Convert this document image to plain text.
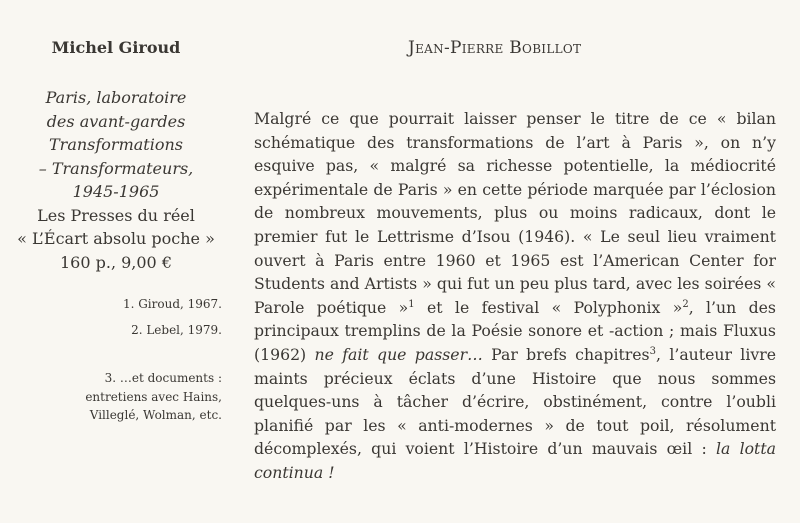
Michel Giroud
Paris, laboratoire
des avant-gardes
Transformations
– Transformateurs,
1945-1965
Les Presses du réel
« L’Écart absolu poche »
160 p., 9,00 €
1. Giroud, 1967.
2. Lebel, 1979.
3. …et documents :
entretiens avec Hains,
Villeglé, Wolman, etc.
Jean-Pierre Bobillot

Malgré ce que pourrait laisser penser le titre de ce « bilan schématique des transformations de l’art à Paris », on n’y esquive pas, « malgré sa richesse potentielle, la médiocrité expérimentale de Paris » en cette période marquée par l’éclosion de nombreux mouvements, plus ou moins radicaux, dont le premier fut le Lettrisme d’Isou (1946). « Le seul lieu vraiment ouvert à Paris entre 1960 et 1965 est l’American Center for Students and Artists » qui fut un peu plus tard, avec les soirées « Parole poétique »$^1$ et le festival « Polyphonix »$^2$, l’un des principaux tremplins de la Poésie sonore et -action ; mais Fluxus (1962) ne fait que passer… Par brefs chapitres$^3$, l’auteur livre maints précieux éclats d’une Histoire que nous sommes quelques-uns à tâcher d’écrire, obstinément, contre l’oubli planifié par les « anti-modernes » de tout poil, résolument décomplexés, qui voient l’Histoire d’un mauvais œil : la lotta continua !
